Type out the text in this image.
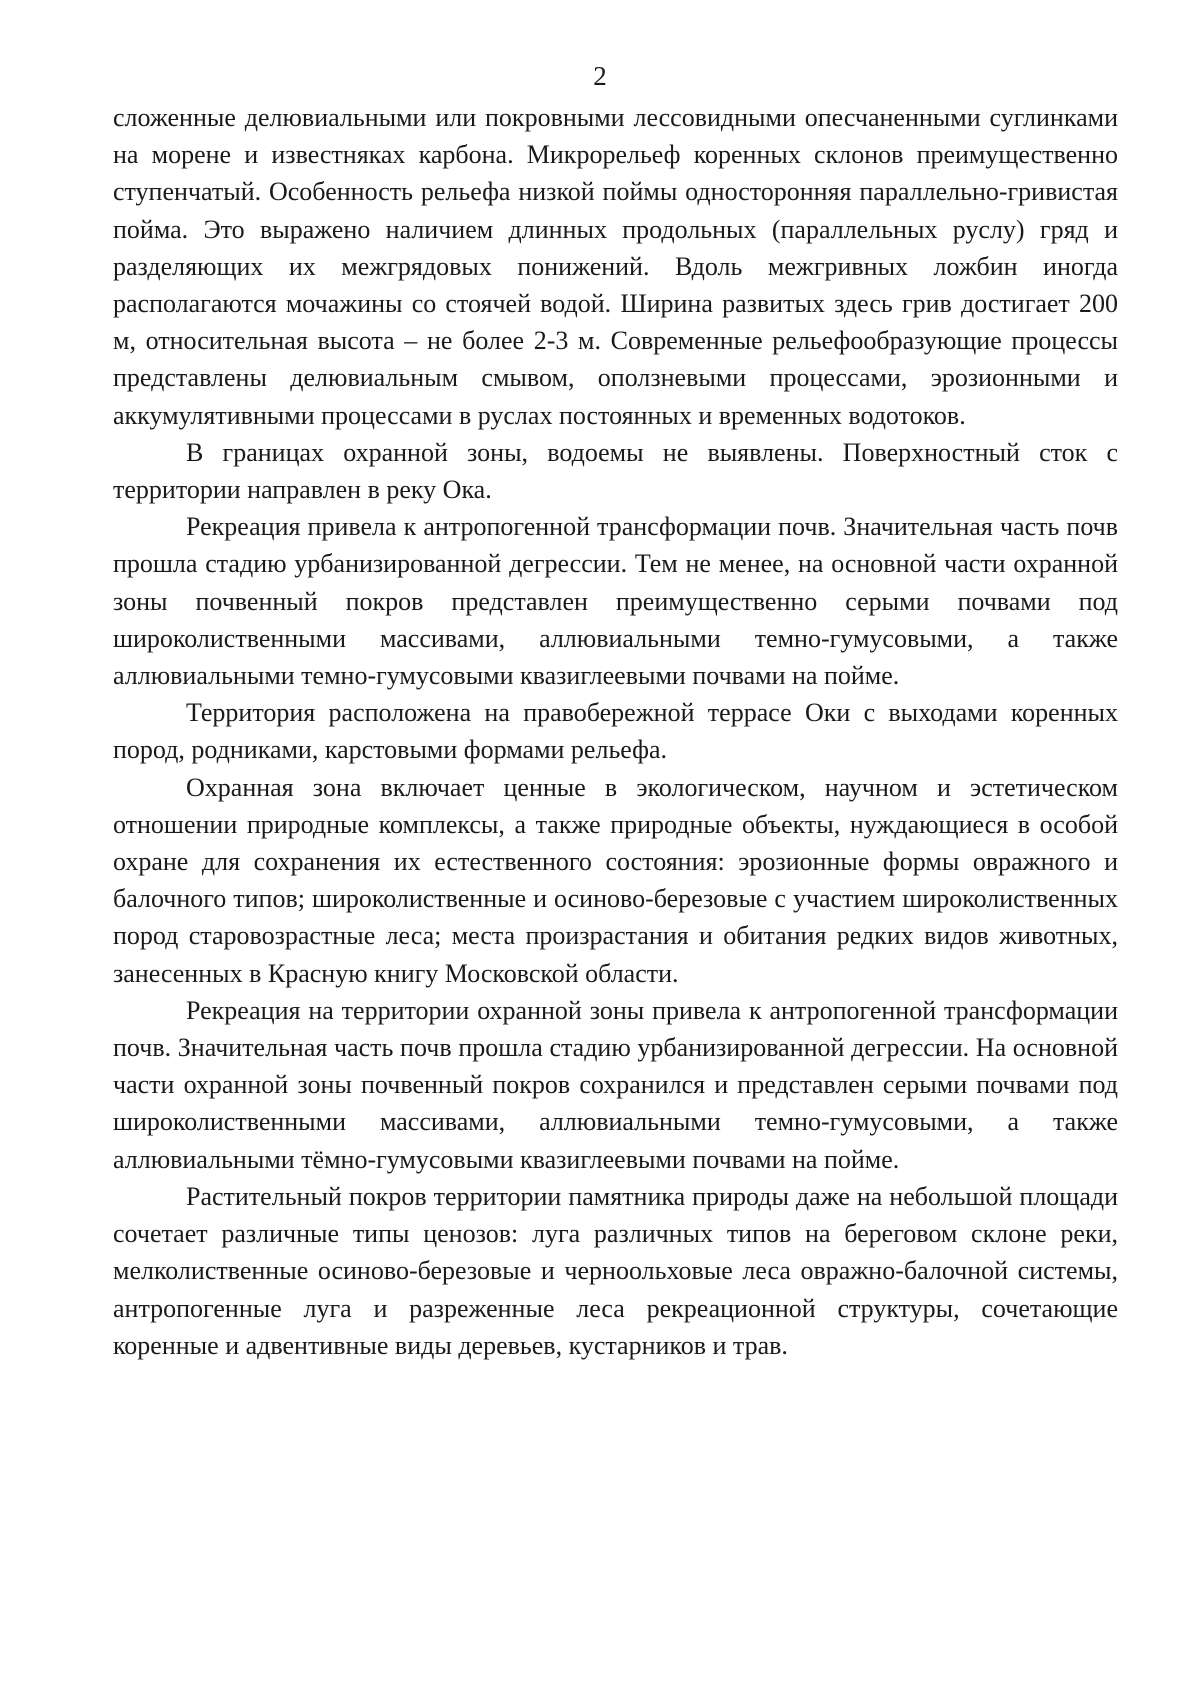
2

сложенные делювиальными или покровными лессовидными опесчаненными суглинками на морене и известняках карбона. Микрорельеф коренных склонов преимущественно ступенчатый. Особенность рельефа низкой поймы односторонняя параллельно-гривистая пойма. Это выражено наличием длинных продольных (параллельных руслу) гряд и разделяющих их межгрядовых понижений. Вдоль межгривных ложбин иногда располагаются мочажины со стоячей водой. Ширина развитых здесь грив достигает 200 м, относительная высота – не более 2-3 м. Современные рельефообразующие процессы представлены делювиальным смывом, оползневыми процессами, эрозионными и аккумулятивными процессами в руслах постоянных и временных водотоков.

В границах охранной зоны, водоемы не выявлены. Поверхностный сток с территории направлен в реку Ока.

Рекреация привела к антропогенной трансформации почв. Значительная часть почв прошла стадию урбанизированной дегрессии. Тем не менее, на основной части охранной зоны почвенный покров представлен преимущественно серыми почвами под широколиственными массивами, аллювиальными темно-гумусовыми, а также аллювиальными темно-гумусовыми квазиглеевыми почвами на пойме.

Территория расположена на правобережной террасе Оки с выходами коренных пород, родниками, карстовыми формами рельефа.

Охранная зона включает ценные в экологическом, научном и эстетическом отношении природные комплексы, а также природные объекты, нуждающиеся в особой охране для сохранения их естественного состояния: эрозионные формы овражного и балочного типов; широколиственные и осиново-березовые с участием широколиственных пород старовозрастные леса; места произрастания и обитания редких видов животных, занесенных в Красную книгу Московской области.

Рекреация на территории охранной зоны привела к антропогенной трансформации почв. Значительная часть почв прошла стадию урбанизированной дегрессии. На основной части охранной зоны почвенный покров сохранился и представлен серыми почвами под широколиственными массивами, аллювиальными темно-гумусовыми, а также аллювиальными тёмно-гумусовыми квазиглеевыми почвами на пойме.

Растительный покров территории памятника природы даже на небольшой площади сочетает различные типы ценозов: луга различных типов на береговом склоне реки, мелколиственные осиново-березовые и черноольховые леса овражно-балочной системы, антропогенные луга и разреженные леса рекреационной структуры, сочетающие коренные и адвентивные виды деревьев, кустарников и трав.
